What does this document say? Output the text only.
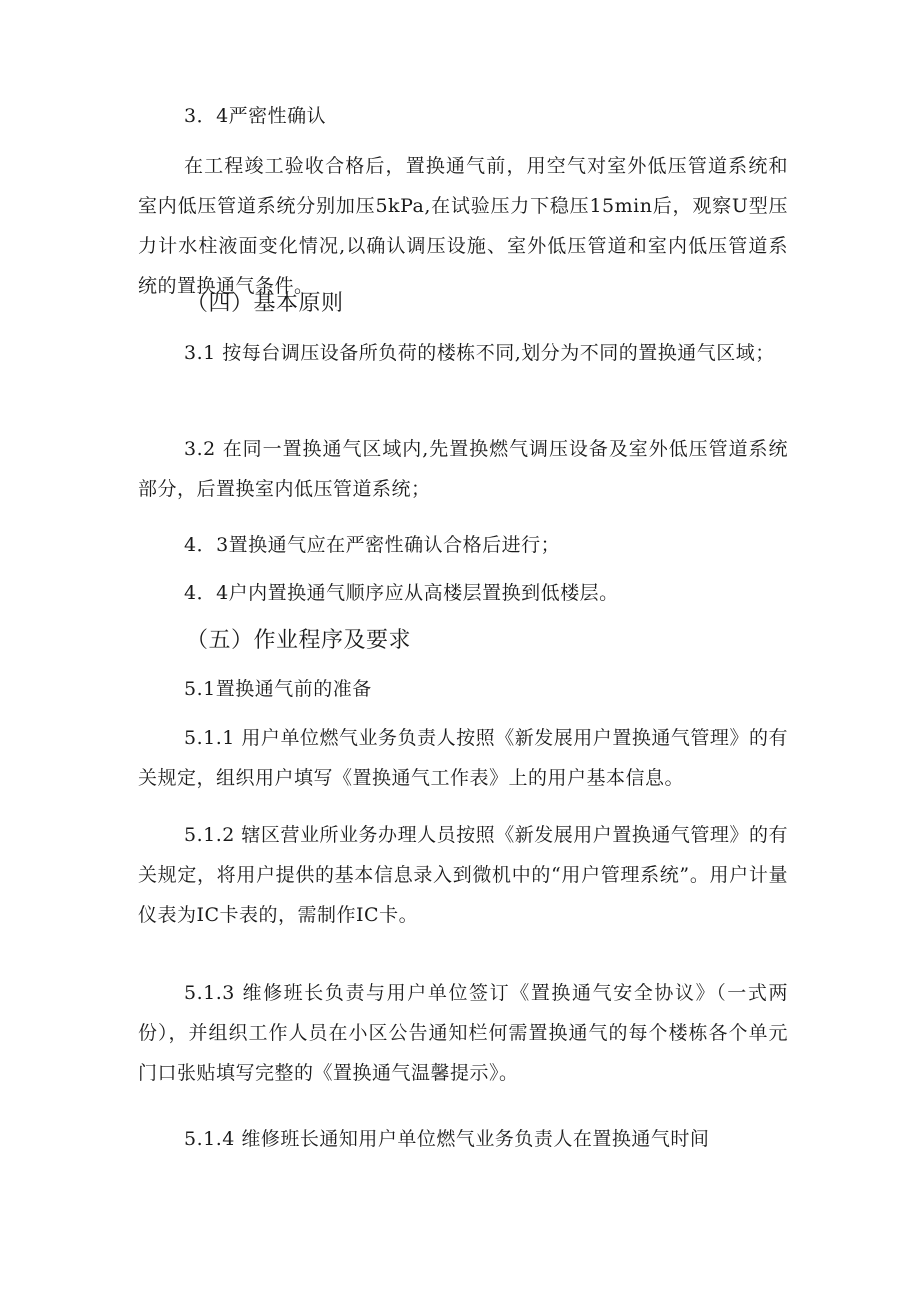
3．4严密性确认

在工程竣工验收合格后，置换通气前，用空气对室外低压管道系统和室内低压管道系统分别加压5kPa,在试验压力下稳压15min后，观察U型压力计水柱液面变化情况,以确认调压设施、室外低压管道和室内低压管道系统的置换通气条件。

（四）基本原则

3.1 按每台调压设备所负荷的楼栋不同,划分为不同的置换通气区域；

3.2 在同一置换通气区域内,先置换燃气调压设备及室外低压管道系统部分，后置换室内低压管道系统；

4．3置换通气应在严密性确认合格后进行；

4．4户内置换通气顺序应从高楼层置换到低楼层。

（五）作业程序及要求

5.1置换通气前的准备

5.1.1 用户单位燃气业务负责人按照《新发展用户置换通气管理》的有关规定，组织用户填写《置换通气工作表》上的用户基本信息。

5.1.2 辖区营业所业务办理人员按照《新发展用户置换通气管理》的有关规定，将用户提供的基本信息录入到微机中的“用户管理系统”。用户计量仪表为IC卡表的，需制作IC卡。

5.1.3 维修班长负责与用户单位签订《置换通气安全协议》（一式两份），并组织工作人员在小区公告通知栏何需置换通气的每个楼栋各个单元门口张贴填写完整的《置换通气温馨提示》。

5.1.4 维修班长通知用户单位燃气业务负责人在置换通气时间
